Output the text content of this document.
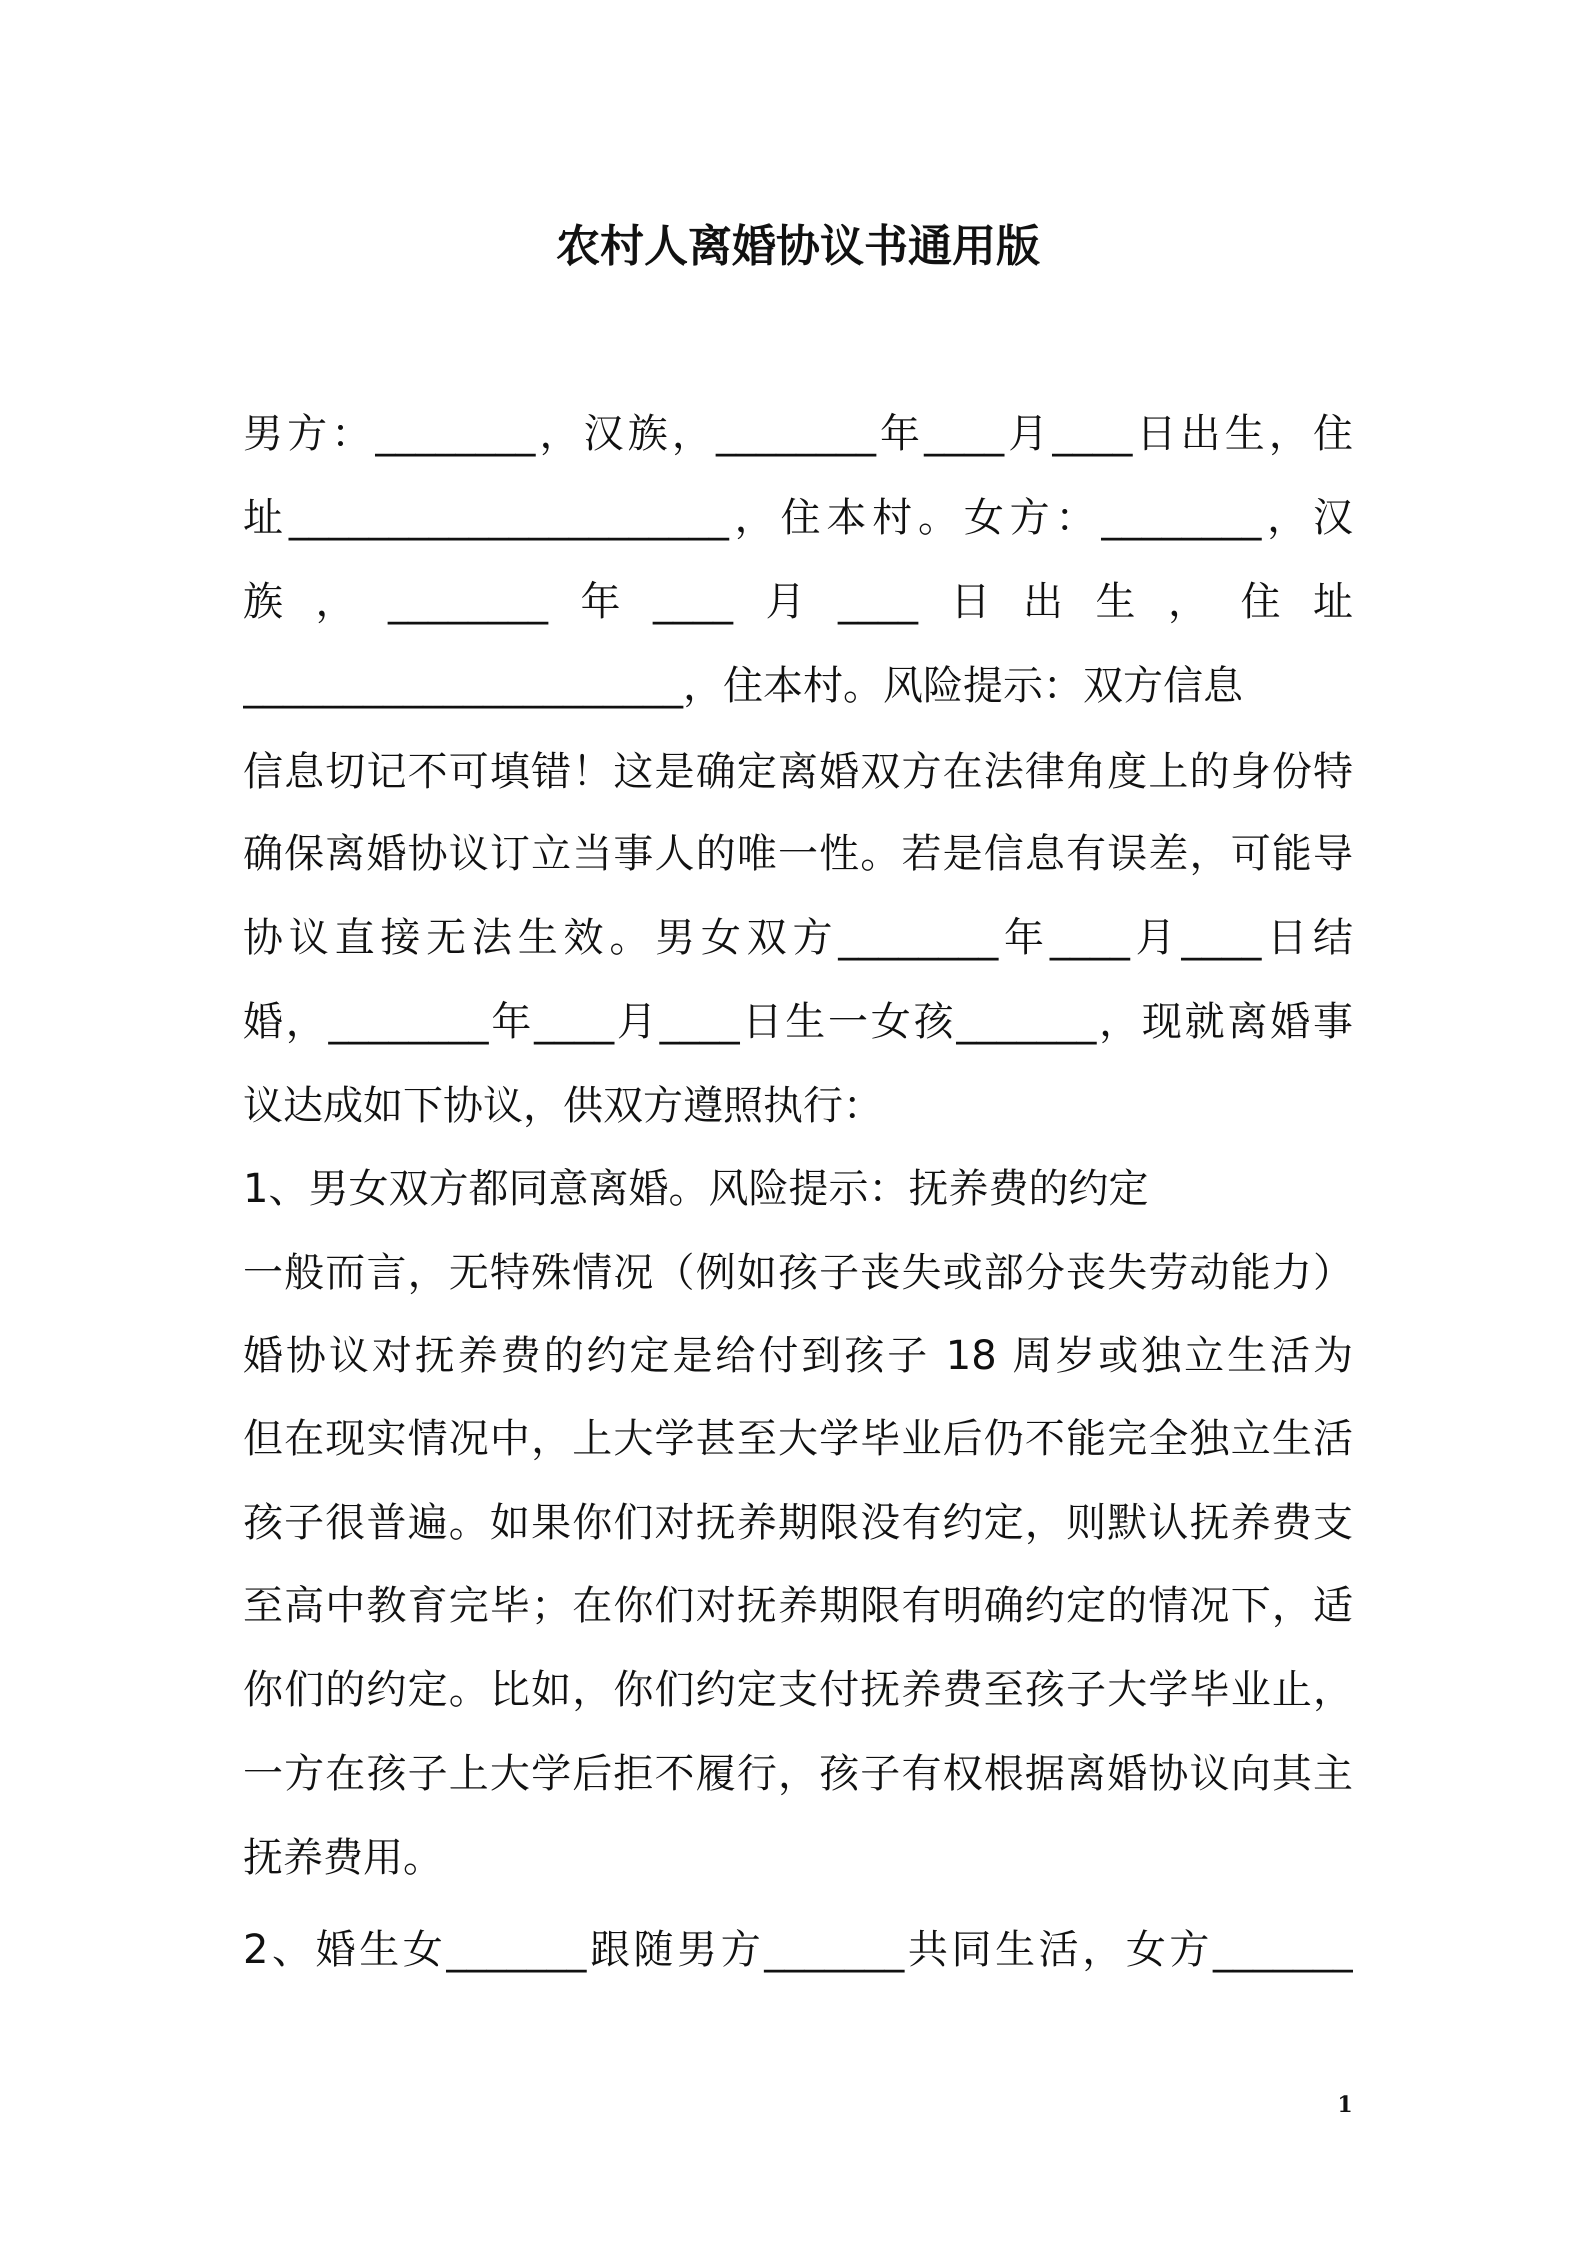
农村人离婚协议书通用版
男方：________，汉族，________年____月____日出生，住
址______________________，住本村。女方：________，汉
族，________年____月____日出生，住址
______________________，住本村。风险提示：双方信息
信息切记不可填错！这是确定离婚双方在法律角度上的身份特
确保离婚协议订立当事人的唯一性。若是信息有误差，可能导
协议直接无法生效。男女双方________年____月____日结
婚，________年____月____日生一女孩_______，现就离婚事
议达成如下协议，供双方遵照执行：
1、男女双方都同意离婚。风险提示：抚养费的约定
一般而言，无特殊情况（例如孩子丧失或部分丧失劳动能力）
婚协议对抚养费的约定是给付到孩子 18 周岁或独立生活为
但在现实情况中，上大学甚至大学毕业后仍不能完全独立生活
孩子很普遍。如果你们对抚养期限没有约定，则默认抚养费支
至高中教育完毕；在你们对抚养期限有明确约定的情况下，适
你们的约定。比如，你们约定支付抚养费至孩子大学毕业止，
一方在孩子上大学后拒不履行，孩子有权根据离婚协议向其主
抚养费用。
2、婚生女_______跟随男方_______共同生活，女方_______
1
